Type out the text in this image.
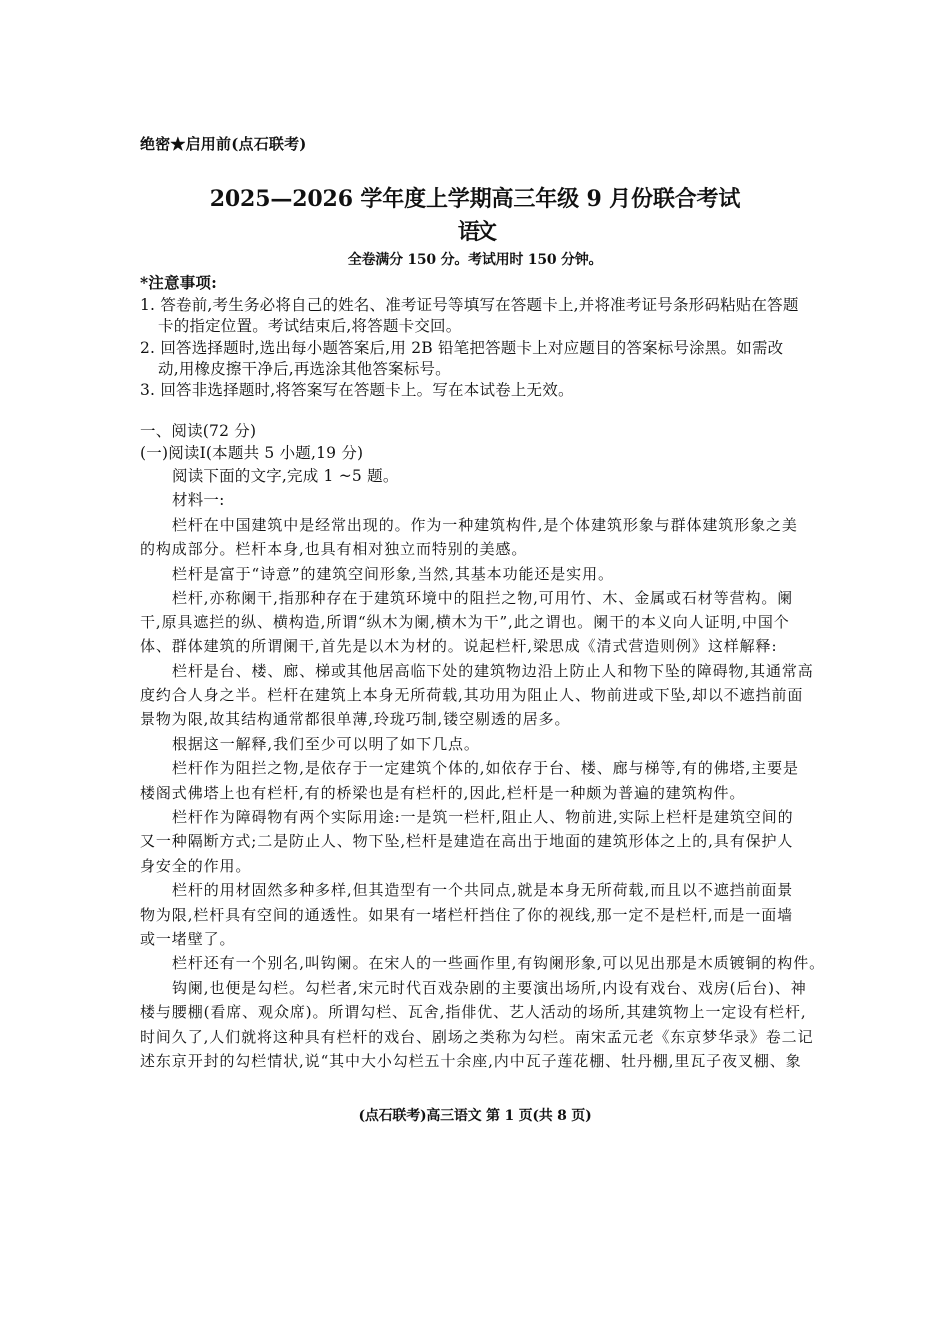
绝密★启用前(点石联考)
2025—2026 学年度上学期高三年级 9 月份联合考试
语文
全卷满分 150 分。考试用时 150 分钟。
*注意事项:
1. 答卷前,考生务必将自己的姓名、准考证号等填写在答题卡上,并将准考证号条形码粘贴在答题
卡的指定位置。考试结束后,将答题卡交回。
2. 回答选择题时,选出每小题答案后,用 2B 铅笔把答题卡上对应题目的答案标号涂黑。如需改
动,用橡皮擦干净后,再选涂其他答案标号。
3. 回答非选择题时,将答案写在答题卡上。写在本试卷上无效。
一、阅读(72 分)
(一)阅读Ⅰ(本题共 5 小题,19 分)
阅读下面的文字,完成 1 ~5 题。
材料一:
栏杆在中国建筑中是经常出现的。作为一种建筑构件,是个体建筑形象与群体建筑形象之美
的构成部分。栏杆本身,也具有相对独立而特别的美感。
栏杆是富于“诗意”的建筑空间形象,当然,其基本功能还是实用。
栏杆,亦称阑干,指那种存在于建筑环境中的阻拦之物,可用竹、木、金属或石材等营构。阑
干,原具遮拦的纵、横构造,所谓“纵木为阑,横木为干”,此之谓也。阑干的本义向人证明,中国个
体、群体建筑的所谓阑干,首先是以木为材的。说起栏杆,梁思成《清式营造则例》这样解释:
栏杆是台、楼、廊、梯或其他居高临下处的建筑物边沿上防止人和物下坠的障碍物,其通常高
度约合人身之半。栏杆在建筑上本身无所荷载,其功用为阻止人、物前进或下坠,却以不遮挡前面
景物为限,故其结构通常都很单薄,玲珑巧制,镂空剔透的居多。
根据这一解释,我们至少可以明了如下几点。
栏杆作为阻拦之物,是依存于一定建筑个体的,如依存于台、楼、廊与梯等,有的佛塔,主要是
楼阁式佛塔上也有栏杆,有的桥梁也是有栏杆的,因此,栏杆是一种颇为普遍的建筑构件。
栏杆作为障碍物有两个实际用途:一是筑一栏杆,阻止人、物前进,实际上栏杆是建筑空间的
又一种隔断方式;二是防止人、物下坠,栏杆是建造在高出于地面的建筑形体之上的,具有保护人
身安全的作用。
栏杆的用材固然多种多样,但其造型有一个共同点,就是本身无所荷载,而且以不遮挡前面景
物为限,栏杆具有空间的通透性。如果有一堵栏杆挡住了你的视线,那一定不是栏杆,而是一面墙
或一堵壁了。
栏杆还有一个别名,叫钩阑。在宋人的一些画作里,有钩阑形象,可以见出那是木质镀铜的构件。
钩阑,也便是勾栏。勾栏者,宋元时代百戏杂剧的主要演出场所,内设有戏台、戏房(后台)、神
楼与腰棚(看席、观众席)。所谓勾栏、瓦舍,指俳优、艺人活动的场所,其建筑物上一定设有栏杆,
时间久了,人们就将这种具有栏杆的戏台、剧场之类称为勾栏。南宋孟元老《东京梦华录》卷二记
述东京开封的勾栏情状,说“其中大小勾栏五十余座,内中瓦子莲花棚、牡丹棚,里瓦子夜叉棚、象
(点石联考)高三语文 第 1 页(共 8 页)
